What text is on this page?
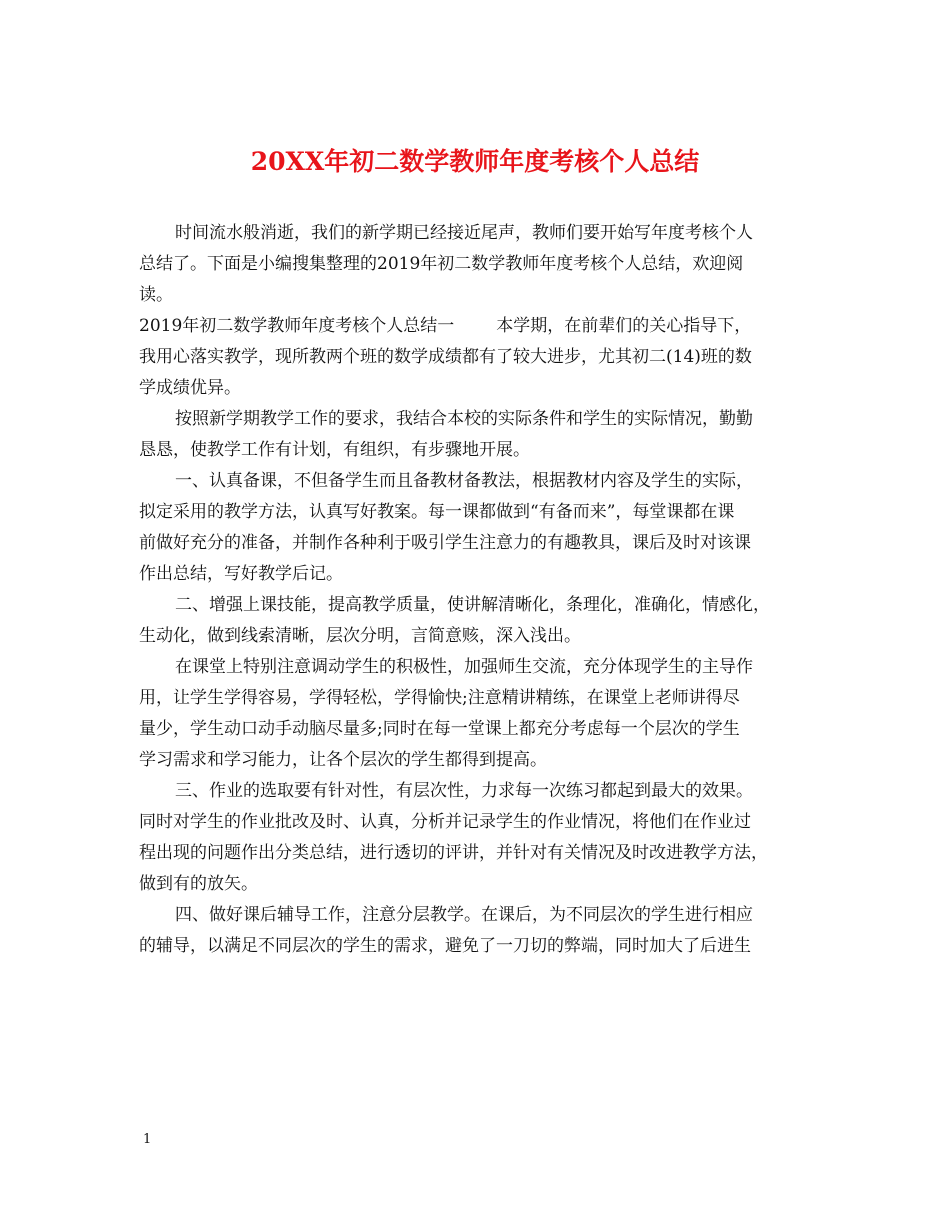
20XX年初二数学教师年度考核个人总结
时间流水般消逝，我们的新学期已经接近尾声，教师们要开始写年度考核个人
总结了。下面是小编搜集整理的2019年初二数学教师年度考核个人总结，欢迎阅
读。
2019年初二数学教师年度考核个人总结一 本学期，在前辈们的关心指导下，
我用心落实教学，现所教两个班的数学成绩都有了较大进步，尤其初二(14)班的数
学成绩优异。
按照新学期教学工作的要求，我结合本校的实际条件和学生的实际情况，勤勤
恳恳，使教学工作有计划，有组织，有步骤地开展。
一、认真备课，不但备学生而且备教材备教法，根据教材内容及学生的实际，
拟定采用的教学方法，认真写好教案。每一课都做到“有备而来”，每堂课都在课
前做好充分的准备，并制作各种利于吸引学生注意力的有趣教具，课后及时对该课
作出总结，写好教学后记。
二、增强上课技能，提高教学质量，使讲解清晰化，条理化，准确化，情感化，
生动化，做到线索清晰，层次分明，言简意赅，深入浅出。
在课堂上特别注意调动学生的积极性，加强师生交流，充分体现学生的主导作
用，让学生学得容易，学得轻松，学得愉快;注意精讲精练，在课堂上老师讲得尽
量少，学生动口动手动脑尽量多;同时在每一堂课上都充分考虑每一个层次的学生
学习需求和学习能力，让各个层次的学生都得到提高。
三、作业的选取要有针对性，有层次性，力求每一次练习都起到最大的效果。
同时对学生的作业批改及时、认真，分析并记录学生的作业情况，将他们在作业过
程出现的问题作出分类总结，进行透切的评讲，并针对有关情况及时改进教学方法，
做到有的放矢。
四、做好课后辅导工作，注意分层教学。在课后，为不同层次的学生进行相应
的辅导，以满足不同层次的学生的需求，避免了一刀切的弊端，同时加大了后进生
1
